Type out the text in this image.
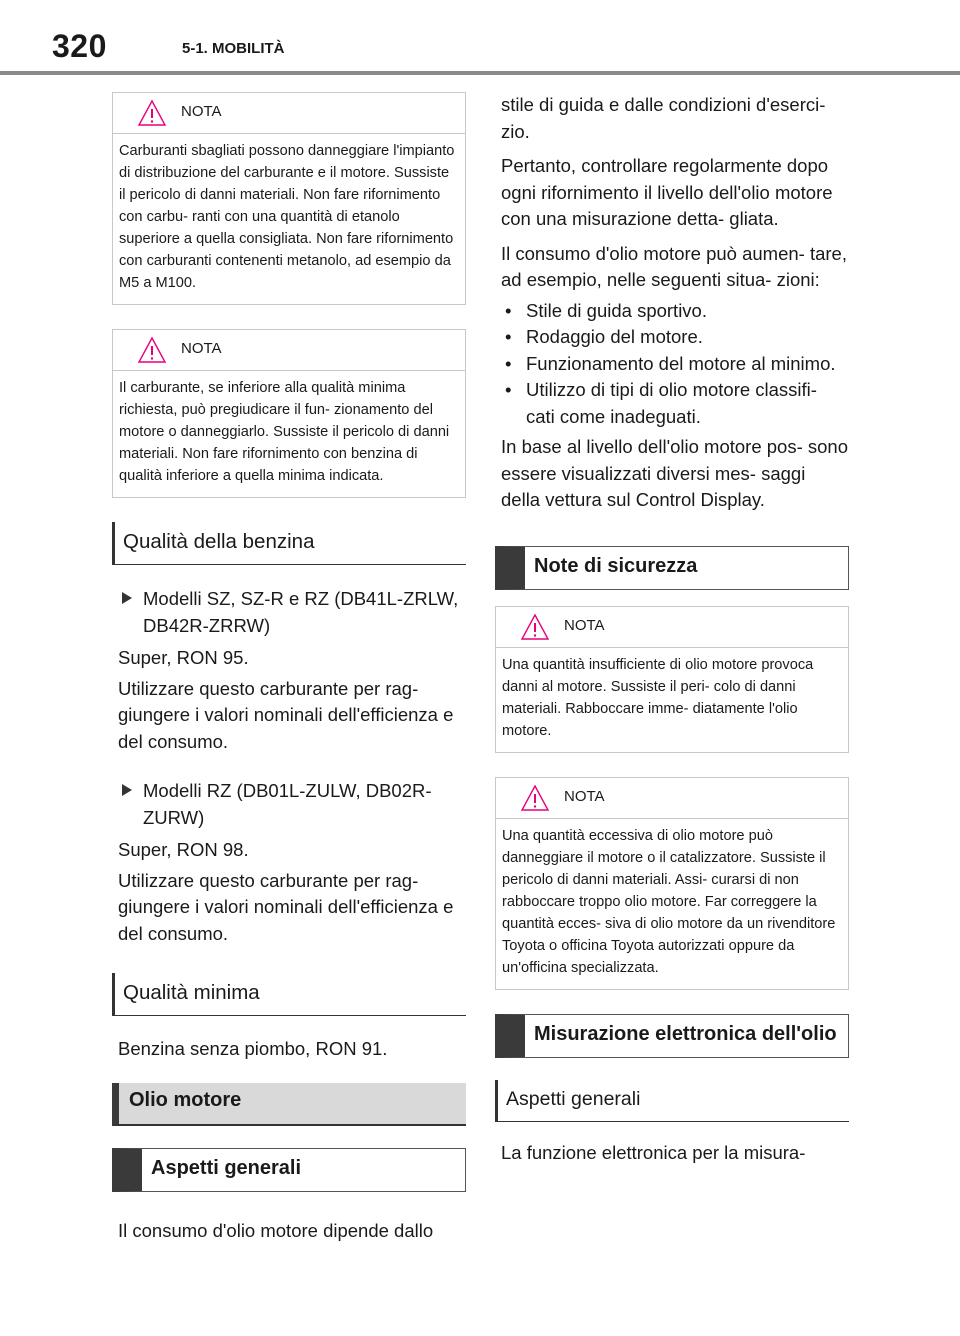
320	5-1. MOBILITÀ
NOTA
Carburanti sbagliati possono danneggiare l'impianto di distribuzione del carburante e il motore. Sussiste il pericolo di danni materiali. Non fare rifornimento con carbu- ranti con una quantità di etanolo superiore a quella consigliata. Non fare rifornimento con carburanti contenenti metanolo, ad esempio da M5 a M100.
NOTA
Il carburante, se inferiore alla qualità minima richiesta, può pregiudicare il fun- zionamento del motore o danneggiarlo. Sussiste il pericolo di danni materiali. Non fare rifornimento con benzina di qualità inferiore a quella minima indicata.
Qualità della benzina
Modelli SZ, SZ-R e RZ (DB41L-ZRLW, DB42R-ZRRW)
Super, RON 95.
Utilizzare questo carburante per rag- giungere i valori nominali dell'efficienza e del consumo.
Modelli RZ (DB01L-ZULW, DB02R-ZURW)
Super, RON 98.
Utilizzare questo carburante per rag- giungere i valori nominali dell'efficienza e del consumo.
Qualità minima
Benzina senza piombo, RON 91.
Olio motore
Aspetti generali
Il consumo d'olio motore dipende dallo
stile di guida e dalle condizioni d'eserci- zio.
Pertanto, controllare regolarmente dopo ogni rifornimento il livello dell'olio motore con una misurazione detta- gliata.
Il consumo d'olio motore può aumen- tare, ad esempio, nelle seguenti situa- zioni:
• Stile di guida sportivo.
• Rodaggio del motore.
• Funzionamento del motore al minimo.
• Utilizzo di tipi di olio motore classifi- cati come inadeguati.
In base al livello dell'olio motore pos- sono essere visualizzati diversi mes- saggi della vettura sul Control Display.
Note di sicurezza
NOTA
Una quantità insufficiente di olio motore provoca danni al motore. Sussiste il peri- colo di danni materiali. Rabboccare imme- diatamente l'olio motore.
NOTA
Una quantità eccessiva di olio motore può danneggiare il motore o il catalizzatore. Sussiste il pericolo di danni materiali. Assi- curarsi di non rabboccare troppo olio motore. Far correggere la quantità ecces- siva di olio motore da un rivenditore Toyota o officina Toyota autorizzati oppure da un'officina specializzata.
Misurazione elettronica dell'olio
Aspetti generali
La funzione elettronica per la misura-
